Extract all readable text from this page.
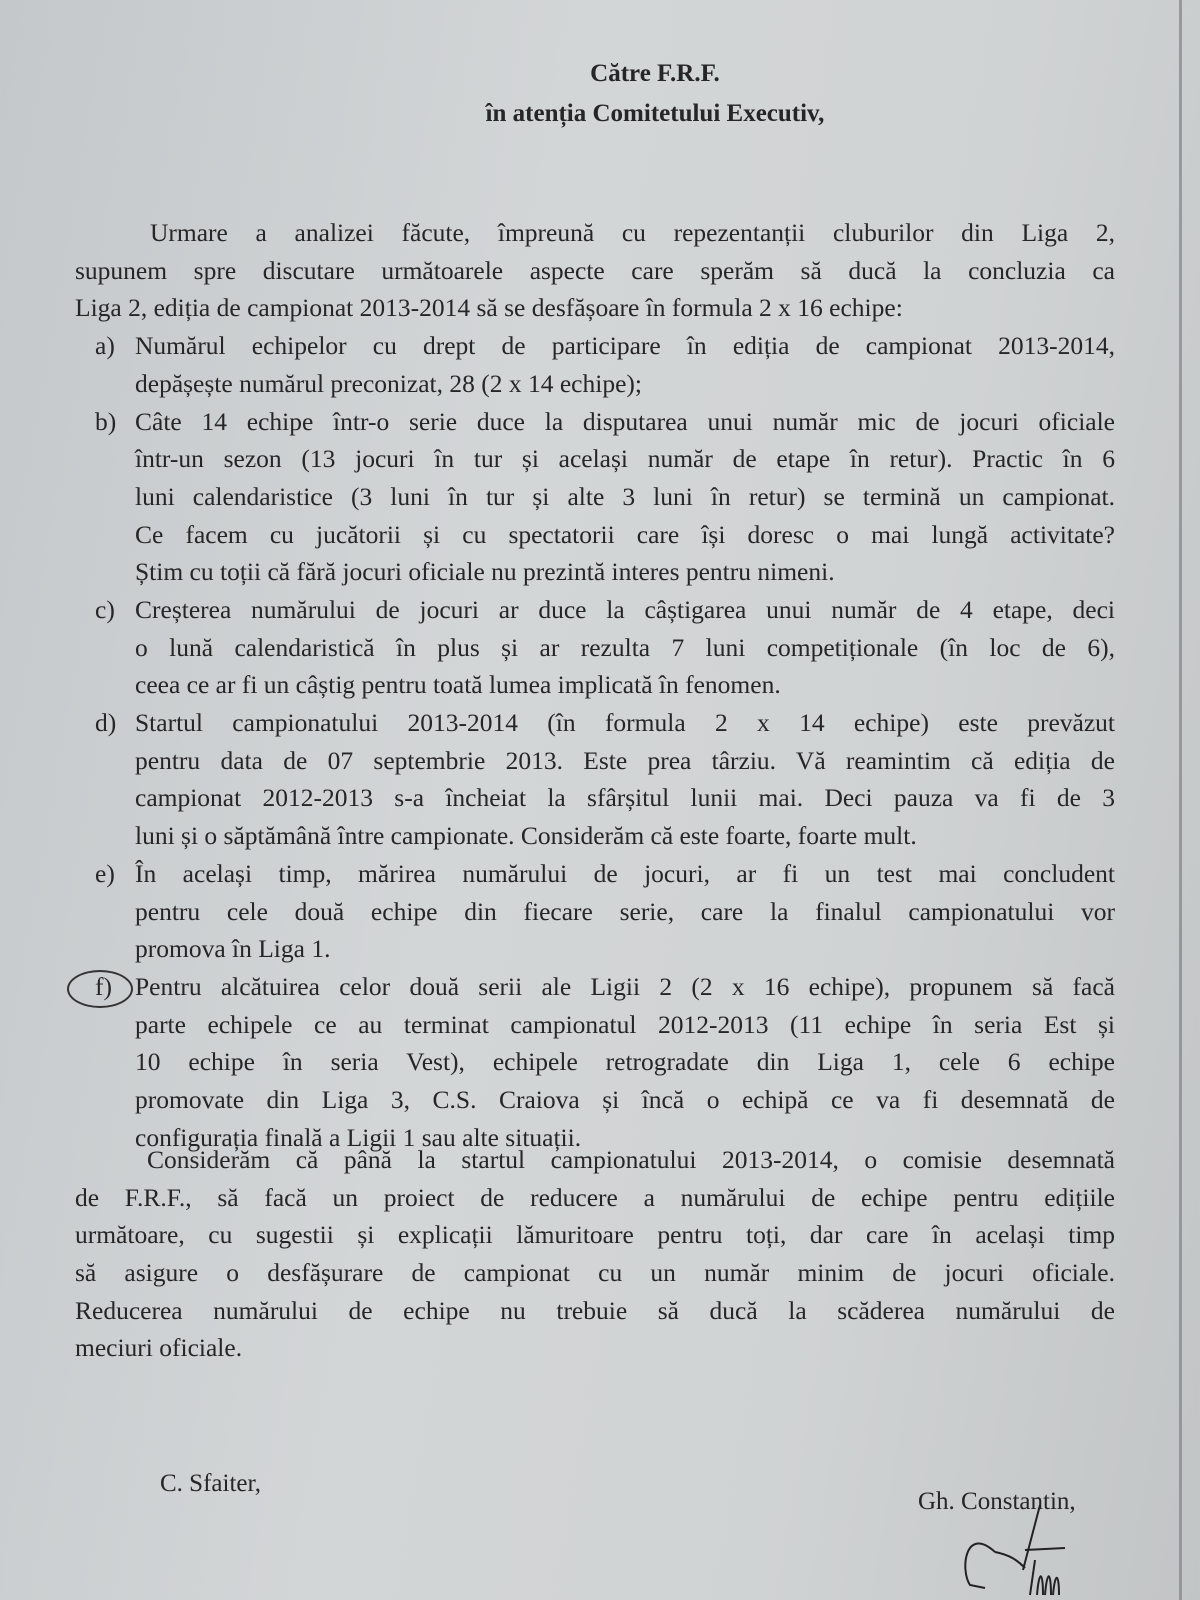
Către F.R.F.
în atenția Comitetului Executiv,
Urmare a analizei făcute, împreună cu repezentanții cluburilor din Liga 2,
supunem spre discutare următoarele aspecte care sperăm să ducă la concluzia ca
Liga 2, ediția de campionat 2013-2014 să se desfășoare în formula 2 x 16 echipe:
a) Numărul echipelor cu drept de participare în ediția de campionat 2013-2014,
depășește numărul preconizat, 28 (2 x 14 echipe);
b) Câte 14 echipe într-o serie duce la disputarea unui număr mic de jocuri oficiale
într-un sezon (13 jocuri în tur și același număr de etape în retur). Practic în 6
luni calendaristice (3 luni în tur și alte 3 luni în retur) se termină un campionat.
Ce facem cu jucătorii și cu spectatorii care își doresc o mai lungă activitate?
Știm cu toții că fără jocuri oficiale nu prezintă interes pentru nimeni.
c) Creșterea numărului de jocuri ar duce la câștigarea unui număr de 4 etape, deci
o lună calendaristică în plus și ar rezulta 7 luni competiționale (în loc de 6),
ceea ce ar fi un câștig pentru toată lumea implicată în fenomen.
d) Startul campionatului 2013-2014 (în formula 2 x 14 echipe) este prevăzut
pentru data de 07 septembrie 2013. Este prea târziu. Vă reamintim că ediția de
campionat 2012-2013 s-a încheiat la sfârșitul lunii mai. Deci pauza va fi de 3
luni și o săptămână între campionate. Considerăm că este foarte, foarte mult.
e) În același timp, mărirea numărului de jocuri, ar fi un test mai concludent
pentru cele două echipe din fiecare serie, care la finalul campionatului vor
promova în Liga 1.
f) Pentru alcătuirea celor două serii ale Ligii 2 (2 x 16 echipe), propunem să facă
parte echipele ce au terminat campionatul 2012-2013 (11 echipe în seria Est și
10 echipe în seria Vest), echipele retrogradate din Liga 1, cele 6 echipe
promovate din Liga 3, C.S. Craiova și încă o echipă ce va fi desemnată de
configurația finală a Ligii 1 sau alte situații.
Considerăm că până la startul campionatului 2013-2014, o comisie desemnată
de F.R.F., să facă un proiect de reducere a numărului de echipe pentru edițiile
următoare, cu sugestii și explicații lămuritoare pentru toți, dar care în același timp
să asigure o desfășurare de campionat cu un număr minim de jocuri oficiale.
Reducerea numărului de echipe nu trebuie să ducă la scăderea numărului de
meciuri oficiale.
C. Sfaiter,
Gh. Constantin,
